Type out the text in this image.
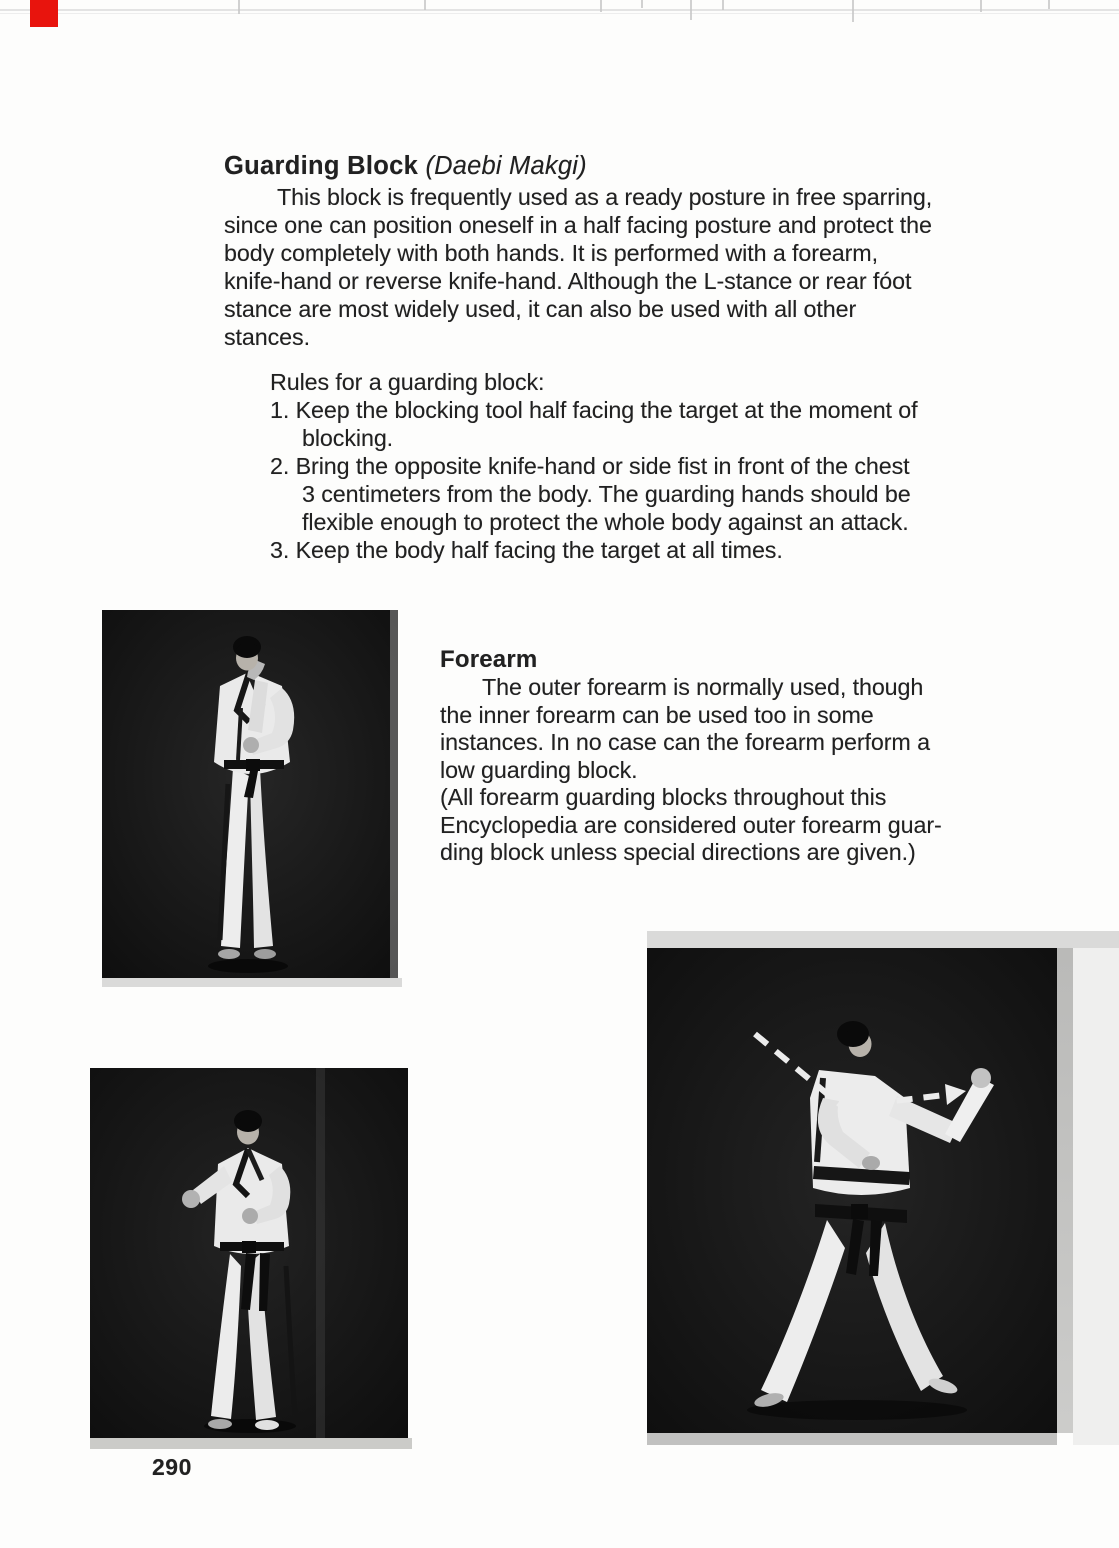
Guarding Block (Daebi Makgi)
This block is frequently used as a ready posture in free sparring,
since one can position oneself in a half facing posture and protect the
body completely with both hands. It is performed with a forearm,
knife-hand or reverse knife-hand. Although the L-stance or rear fóot
stance are most widely used, it can also be used with all other
stances.
Rules for a guarding block:
1. Keep the blocking tool half facing the target at the moment of
blocking.
2. Bring the opposite knife-hand or side fist in front of the chest
3 centimeters from the body. The guarding hands should be
flexible enough to protect the whole body against an attack.
3. Keep the body half facing the target at all times.
Forearm
The outer forearm is normally used, though
the inner forearm can be used too in some
instances. In no case can the forearm perform a
low guarding block.
(All forearm guarding blocks throughout this
Encyclopedia are considered outer forearm guar-
ding block unless special directions are given.)
290
